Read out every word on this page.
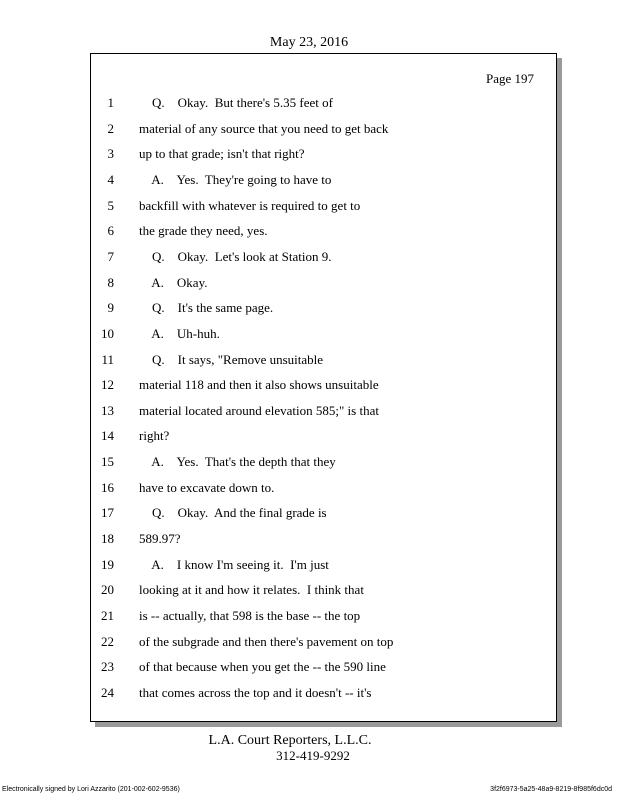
May 23, 2016
Page 197
1 Q.    Okay.  But there's 5.35 feet of
2 material of any source that you need to get back
3 up to that grade; isn't that right?
4 A.    Yes.  They're going to have to
5 backfill with whatever is required to get to
6 the grade they need, yes.
7 Q.    Okay.  Let's look at Station 9.
8 A.    Okay.
9 Q.    It's the same page.
10 A.    Uh-huh.
11 Q.    It says, "Remove unsuitable
12 material 118 and then it also shows unsuitable
13 material located around elevation 585;" is that
14 right?
15 A.    Yes.  That's the depth that they
16 have to excavate down to.
17 Q.    Okay.  And the final grade is
18 589.97?
19 A.    I know I'm seeing it.  I'm just
20 looking at it and how it relates.  I think that
21 is -- actually, that 598 is the base -- the top
22 of the subgrade and then there's pavement on top
23 of that because when you get the -- the 590 line
24 that comes across the top and it doesn't -- it's
L.A. Court Reporters, L.L.C.
312-419-9292
Electronically signed by Lori Azzarito (201-002-602-9536)	3f2f6973-5a25-48a9-8219-8f985f6dc0d
